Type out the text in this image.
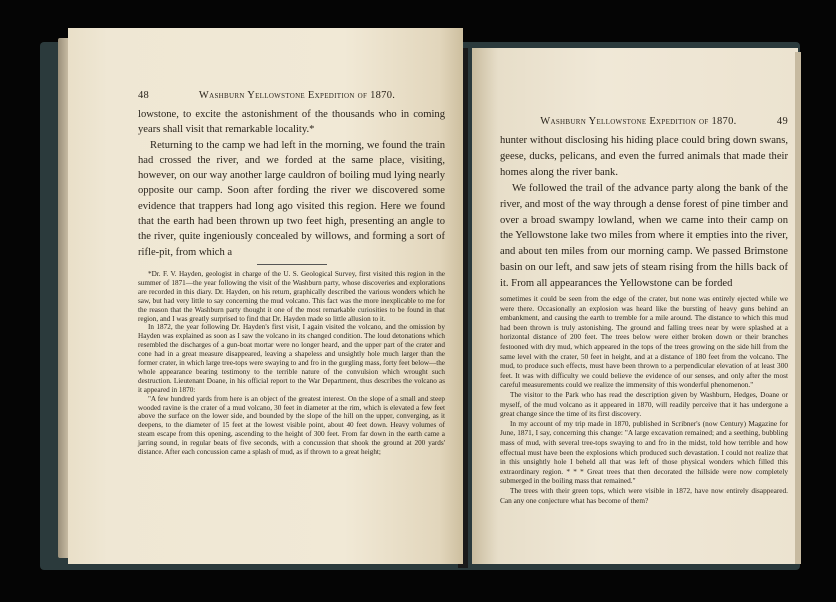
48	Washburn Yellowstone Expedition of 1870.

lowstone, to excite the astonishment of the thousands who in coming years shall visit that remarkable locality.*

Returning to the camp we had left in the morning, we found the train had crossed the river, and we forded at the same place, visiting, however, on our way another large cauldron of boiling mud lying nearly opposite our camp. Soon after fording the river we discovered some evidence that trappers had long ago visited this region. Here we found that the earth had been thrown up two feet high, presenting an angle to the river, quite ingeniously concealed by willows, and forming a sort of rifle-pit, from which a

*Dr. F. V. Hayden, geologist in charge of the U. S. Geological Survey, first visited this region in the summer of 1871—the year following the visit of the Washburn party, whose discoveries and explorations are recorded in this diary. Dr. Hayden, on his return, graphically described the various wonders which he saw, but had very little to say concerning the mud volcano. This fact was the more inexplicable to me for the reason that the Washburn party thought it one of the most remarkable curiosities to be found in that region, and I was greatly surprised to find that Dr. Hayden made so little allusion to it.

In 1872, the year following Dr. Hayden's first visit, I again visited the volcano, and the omission by Hayden was explained as soon as I saw the volcano in its changed condition. The loud detonations which resembled the discharges of a gun-boat mortar were no longer heard, and the upper part of the crater and cone had in a great measure disappeared, leaving a shapeless and unsightly hole much larger than the former crater, in which large tree-tops were swaying to and fro in the gurgling mass, forty feet below—the whole appearance bearing testimony to the terrible nature of the convulsion which wrought such destruction. Lieutenant Doane, in his official report to the War Department, thus describes the volcano as it appeared in 1870:

"A few hundred yards from here is an object of the greatest interest. On the slope of a small and steep wooded ravine is the crater of a mud volcano, 30 feet in diameter at the rim, which is elevated a few feet above the surface on the lower side, and bounded by the slope of the hill on the upper, converging, as it deepens, to the diameter of 15 feet at the lowest visible point, about 40 feet down. Heavy volumes of steam escape from this opening, ascending to the height of 300 feet. From far down in the earth came a jarring sound, in regular beats of five seconds, with a concussion that shook the ground at 200 yards' distance. After each concussion came a splash of mud, as if thrown to a great height;

Washburn Yellowstone Expedition of 1870.	49

hunter without disclosing his hiding place could bring down swans, geese, ducks, pelicans, and even the furred animals that made their homes along the river bank.

We followed the trail of the advance party along the bank of the river, and most of the way through a dense forest of pine timber and over a broad swampy lowland, when we came into their camp on the Yellowstone lake two miles from where it empties into the river, and about ten miles from our morning camp. We passed Brimstone basin on our left, and saw jets of steam rising from the hills back of it. From all appearances the Yellowstone can be forded

sometimes it could be seen from the edge of the crater, but none was entirely ejected while we were there. Occasionally an explosion was heard like the bursting of heavy guns behind an embankment, and causing the earth to tremble for a mile around. The distance to which this mud had been thrown is truly astonishing. The ground and falling trees near by were splashed at a horizontal distance of 200 feet. The trees below were either broken down or their branches festooned with dry mud, which appeared in the tops of the trees growing on the side hill from the same level with the crater, 50 feet in height, and at a distance of 180 feet from the volcano. The mud, to produce such effects, must have been thrown to a perpendicular elevation of at least 300 feet. It was with difficulty we could believe the evidence of our senses, and only after the most careful measurements could we realize the immensity of this wonderful phenomenon."

The visitor to the Park who has read the description given by Washburn, Hedges, Doane or myself, of the mud volcano as it appeared in 1870, will readily perceive that it has undergone a great change since the time of its first discovery.

In my account of my trip made in 1870, published in Scribner's (now Century) Magazine for June, 1871, I say, concerning this change: "A large excavation remained; and a seething, bubbling mass of mud, with several tree-tops swaying to and fro in the midst, told how terrible and how effectual must have been the explosions which produced such devastation. I could not realize that in this unsightly hole I beheld all that was left of those physical wonders which filled this extraordinary region. * * * Great trees that then decorated the hillside were now completely submerged in the boiling mass that remained."

The trees with their green tops, which were visible in 1872, have now entirely disappeared. Can any one conjecture what has become of them?
